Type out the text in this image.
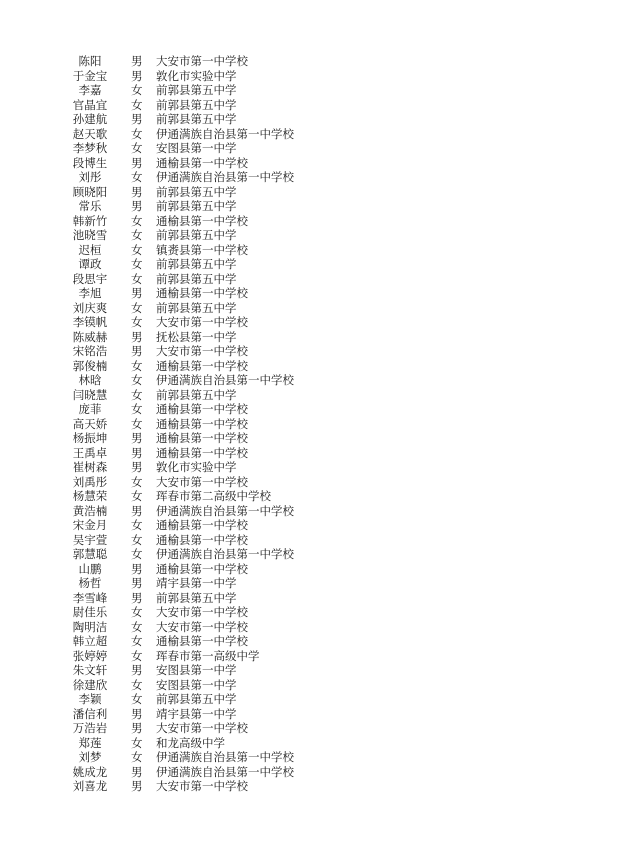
陈阳	男 大安市第一中学校
于金宝	男 敦化市实验中学
李嘉	女 前郭县第五中学
官晶宜	女 前郭县第五中学
孙建航	男 前郭县第五中学
赵天歌	女 伊通满族自治县第一中学校
李梦秋	女 安图县第一中学
段博生	男 通榆县第一中学校
刘彤	女 伊通满族自治县第一中学校
顾晓阳	男 前郭县第五中学
常乐	男 前郭县第五中学
韩新竹	女 通榆县第一中学校
池晓雪	女 前郭县第五中学
迟桓	女 镇赉县第一中学校
谭政	女 前郭县第五中学
段思宇	女 前郭县第五中学
李旭	男 通榆县第一中学校
刘庆爽	女 前郭县第五中学
李镆帆	女 大安市第一中学校
陈威赫	男 抚松县第一中学
宋铭浩	男 大安市第一中学校
郭俊楠	女 通榆县第一中学校
林晗	女 伊通满族自治县第一中学校
闫晓慧	女 前郭县第五中学
庞菲	女 通榆县第一中学校
高天娇	女 通榆县第一中学校
杨振坤	男 通榆县第一中学校
王禹卓	男 通榆县第一中学校
崔树森	男 敦化市实验中学
刘禹彤	女 大安市第一中学校
杨慧荣	女 珲春市第二高级中学校
黄浩楠	男 伊通满族自治县第一中学校
宋金月	女 通榆县第一中学校
吴宇萱	女 通榆县第一中学校
郭慧聪	女 伊通满族自治县第一中学校
山鹏	男 通榆县第一中学校
杨哲	男 靖宇县第一中学
李雪峰	男 前郭县第五中学
尉佳乐	女 大安市第一中学校
陶明洁	女 大安市第一中学校
韩立超	女 通榆县第一中学校
张婷婷	女 珲春市第一高级中学
朱文轩	男 安图县第一中学
徐建欣	女 安图县第一中学
李颖	女 前郭县第五中学
潘信利	男 靖宇县第一中学
万浩岩	男 大安市第一中学校
郑莲	女 和龙高级中学
刘梦	女 伊通满族自治县第一中学校
姚成龙	男 伊通满族自治县第一中学校
刘喜龙	男 大安市第一中学校
